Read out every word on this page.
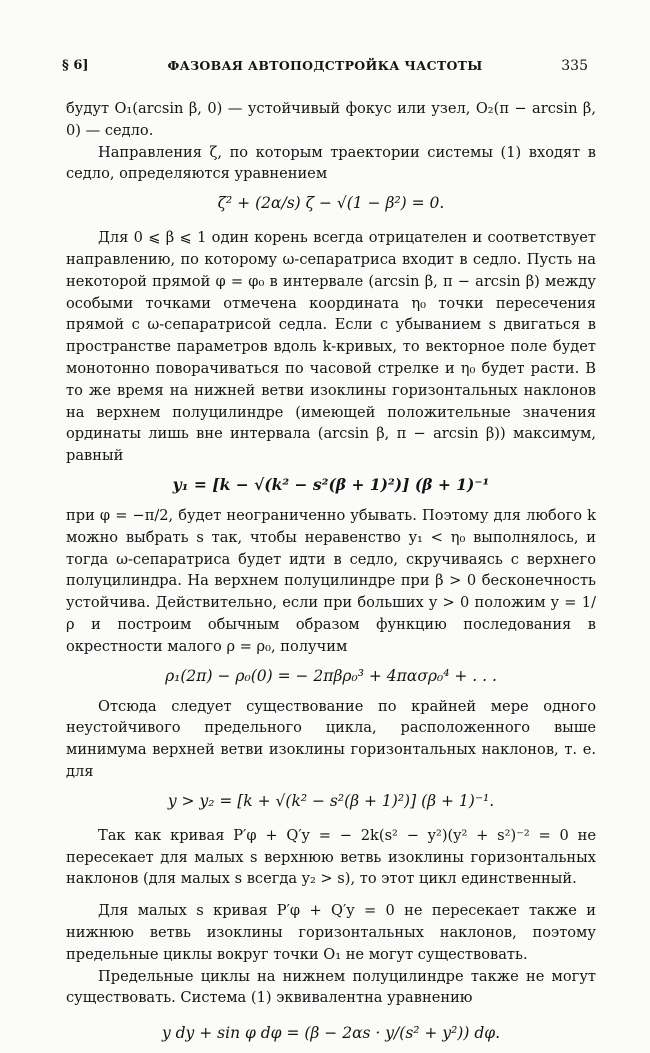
§ 6]	ФАЗОВАЯ АВТОПОДСТРОЙКА ЧАСТОТЫ	335

будут O₁(arcsin β, 0) — устойчивый фокус или узел, O₂(π − arcsin β, 0) — седло.

Направления ζ, по которым траектории системы (1) входят в седло, определяются уравнением

ζ² + (2α/s) ζ − √(1 − β²) = 0.

Для 0 ⩽ β ⩽ 1 один корень всегда отрицателен и соответствует направлению, по которому ω-сепаратриса входит в седло. Пусть на некоторой прямой φ = φ₀ в интервале (arcsin β, π − arcsin β) между особыми точками отмечена координата η₀ точки пересечения прямой с ω-сепаратрисой седла. Если с убыванием s двигаться в пространстве параметров вдоль k-кривых, то векторное поле будет монотонно поворачиваться по часовой стрелке и η₀ будет расти. В то же время на нижней ветви изоклины горизонтальных наклонов на верхнем полуцилиндре (имеющей положительные значения ординаты лишь вне интервала (arcsin β, π − arcsin β)) максимум, равный

y₁ = [k − √(k² − s²(β + 1)²)] (β + 1)⁻¹

при φ = −π/2, будет неограниченно убывать. Поэтому для любого k можно выбрать s так, чтобы неравенство y₁ < η₀ выполнялось, и тогда ω-сепаратриса будет идти в седло, скручиваясь с верхнего полуцилиндра. На верхнем полуцилиндре при β > 0 бесконечность устойчива. Действительно, если при больших y > 0 положим y = 1/ρ и построим обычным образом функцию последования в окрестности малого ρ = ρ₀, получим

ρ₁(2π) − ρ₀(0) = − 2πβρ₀³ + 4πασρ₀⁴ + . . .

Отсюда следует существование по крайней мере одного неустойчивого предельного цикла, расположенного выше минимума верхней ветви изоклины горизонтальных наклонов, т. е. для

y > y₂ = [k + √(k² − s²(β + 1)²)] (β + 1)⁻¹.

Так как кривая P′φ + Q′y = − 2k(s² − y²)(y² + s²)⁻² = 0 не пересекает для малых s верхнюю ветвь изоклины горизонтальных наклонов (для малых s всегда y₂ > s), то этот цикл единственный.

Для малых s кривая P′φ + Q′y = 0 не пересекает также и нижнюю ветвь изоклины горизонтальных наклонов, поэтому предельные циклы вокруг точки O₁ не могут существовать.

Предельные циклы на нижнем полуцилиндре также не могут существовать. Система (1) эквивалентна уравнению

y dy + sin φ dφ = (β − 2αs · y/(s² + y²)) dφ.
